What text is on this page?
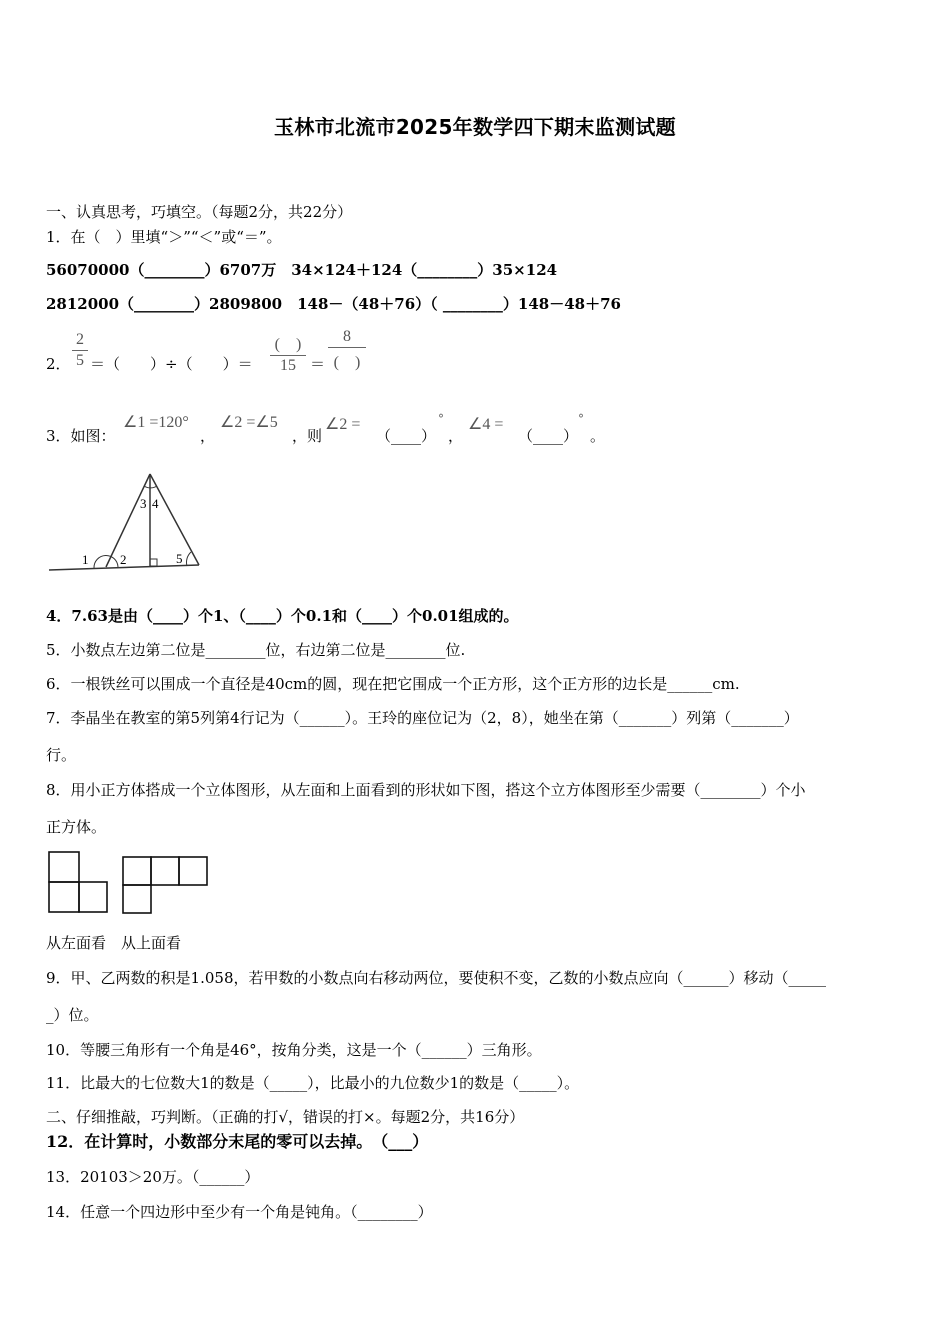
玉林市北流市2025年数学四下期末监测试题
一、认真思考，巧填空。（每题2分，共22分）
1．在（　）里填“＞”“＜”或“＝”。
56070000（________）6707万　34×124＋124（________）35×124
2812000（________）2809800　148－（48＋76）（ ________）148－48＋76
2．
2
5 ＝（　　）÷（　　）＝
(　)
15 ＝
8
(　)
3．如图：
∠1 =120°
，
∠2 =∠5
，则
∠2 =
（____）
°
，
∠4 =
（____）
°
。
1 2
3 4
5
4．7.63是由（____）个1、（____）个0.1和（____）个0.01组成的。
5．小数点左边第二位是________位，右边第二位是________位.
6．一根铁丝可以围成一个直径是40cm的圆，现在把它围成一个正方形，这个正方形的边长是______cm.
7．李晶坐在教室的第5列第4行记为（______）。王玲的座位记为（2，8），她坐在第（_______）列第（_______）
行。
8．用小正方体搭成一个立体图形，从左面和上面看到的形状如下图，搭这个立方体图形至少需要（________）个小
正方体。
从左面看　从上面看
9．甲、乙两数的积是1.058，若甲数的小数点向右移动两位，要使积不变，乙数的小数点应向（______）移动（_____
_）位。
10．等腰三角形有一个角是46°，按角分类，这是一个（______）三角形。
11．比最大的七位数大1的数是（_____），比最小的九位数少1的数是（_____）。
二、仔细推敲，巧判断。（正确的打√，错误的打×。每题2分，共16分）
12．在计算时，小数部分末尾的零可以去掉。　（___）
13．20103＞20万。（______）
14．任意一个四边形中至少有一个角是钝角。（________）
